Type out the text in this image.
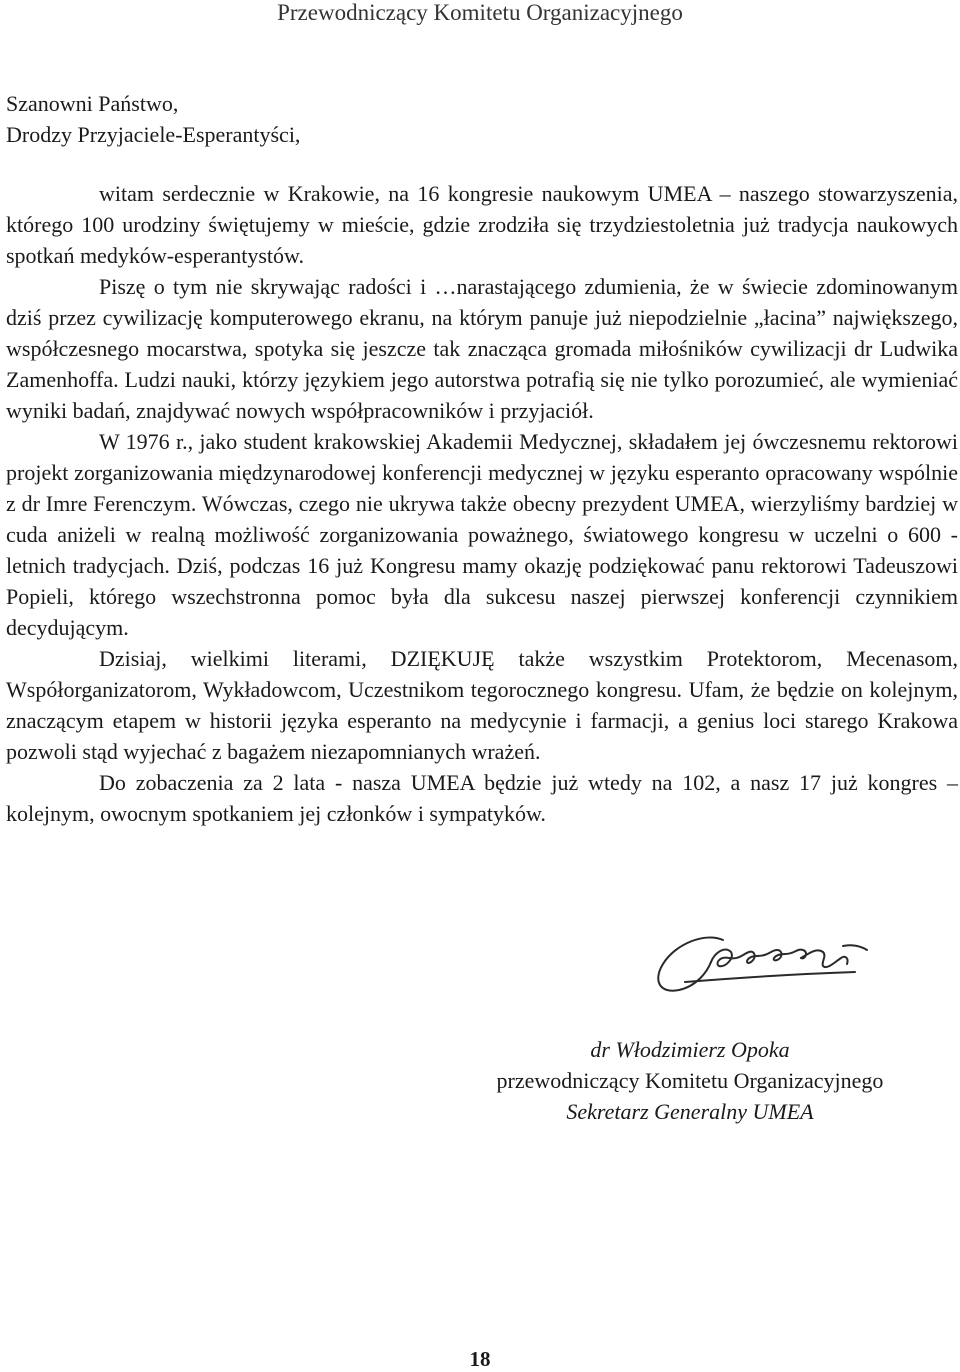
Przewodniczący Komitetu Organizacyjnego
Szanowni Państwo,
Drodzy Przyjaciele-Esperantyści,

witam serdecznie w Krakowie, na 16 kongresie naukowym UMEA – naszego stowarzyszenia, którego 100 urodziny świętujemy w mieście, gdzie zrodziła się trzydziestoletnia już tradycja naukowych spotkań medyków-esperantystów.

Piszę o tym nie skrywając radości i …narastającego zdumienia, że w świecie zdominowanym dziś przez cywilizację komputerowego ekranu, na którym panuje już niepodzielnie „łacina” największego, współczesnego mocarstwa, spotyka się jeszcze tak znacząca gromada miłośników cywilizacji dr Ludwika Zamenhoffa. Ludzi nauki, którzy językiem jego autorstwa potrafią się nie tylko porozumieć, ale wymieniać wyniki badań, znajdywać nowych współpracowników i przyjaciół.

W 1976 r., jako student krakowskiej Akademii Medycznej, składałem jej ówczesnemu rektorowi projekt zorganizowania międzynarodowej konferencji medycznej w języku esperanto opracowany wspólnie z dr Imre Ferenczym. Wówczas, czego nie ukrywa także obecny prezydent UMEA, wierzyliśmy bardziej w cuda aniżeli w realną możliwość zorganizowania poważnego, światowego kongresu w uczelni o 600 - letnich tradycjach. Dziś, podczas 16 już Kongresu mamy okazję podziękować panu rektorowi Tadeuszowi Popieli, którego wszechstronna pomoc była dla sukcesu naszej pierwszej konferencji czynnikiem decydującym.

Dzisiaj, wielkimi literami, DZIĘKUJĘ także wszystkim Protektorom, Mecenasom, Współorganizatorom, Wykładowcom, Uczestnikom tegorocznego kongresu. Ufam, że będzie on kolejnym, znaczącym etapem w historii języka esperanto na medycynie i farmacji, a genius loci starego Krakowa pozwoli stąd wyjechać z bagażem niezapomnianych wrażeń.

Do zobaczenia za 2 lata - nasza UMEA będzie już wtedy na 102, a nasz 17 już kongres – kolejnym, owocnym spotkaniem jej członków i sympatyków.

dr Włodzimierz Opoka
przewodniczący Komitetu Organizacyjnego
Sekretarz Generalny UMEA
18
